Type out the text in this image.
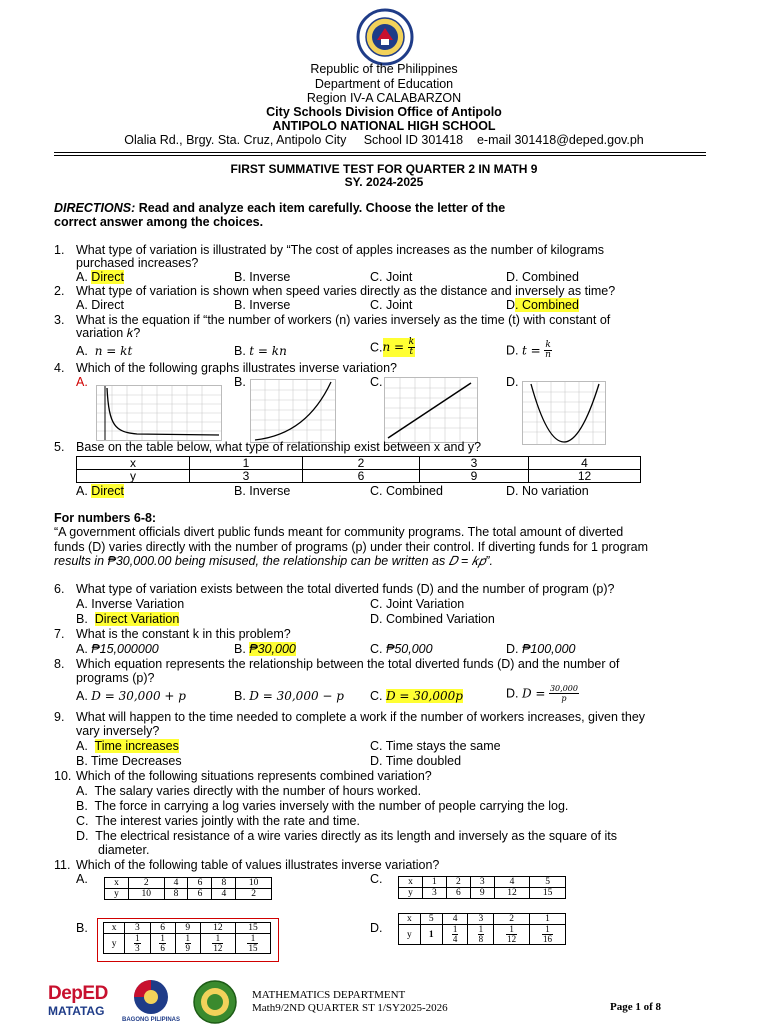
Republic of the Philippines
Department of Education
Region IV-A CALABARZON
City Schools Division Office of Antipolo
ANTIPOLO NATIONAL HIGH SCHOOL
Olalia Rd., Brgy. Sta. Cruz, Antipolo City     School ID 301418    e-mail 301418@deped.gov.ph
FIRST SUMMATIVE TEST FOR QUARTER 2 IN MATH 9
SY. 2024-2025
DIRECTIONS: Read and analyze each item carefully. Choose the letter of the
correct answer among the choices.
1. What type of variation is illustrated by “The cost of apples increases as the number of kilograms
purchased increases?
A. Direct	B. Inverse	C. Joint	D. Combined
2. What type of variation is shown when speed varies directly as the distance and inversely as time?
A. Direct	B. Inverse	C. Joint	D. Combined
3. What is the equation if “the number of workers (n) varies inversely as the time (t) with constant of
variation 𝑘?
A. 𝑛 = 𝑘𝑡	B. 𝑡 = 𝑘𝑛	C.𝑛 = $\frac{\text{𝑘}}{\text{𝑡}}$	D. 𝑡 = $\frac{\text{𝑘}}{\text{𝑛}}$
4. Which of the following graphs illustrates inverse variation?
A.	B.	C.	D.
5. Base on the table below, what type of relationship exist between x and y?
x	1	2	3	4
y	3	6	9	12
A. Direct	B. Inverse	C. Combined	D. No variation
For numbers 6-8:
“A government officials divert public funds meant for community programs. The total amount of diverted
funds (D) varies directly with the number of programs (p) under their control. If diverting funds for 1 program
results in ₱30,000.00 being misused, the relationship can be written as 𝐷 = 𝑘𝑝”.
6. What type of variation exists between the total diverted funds (D) and the number of program (p)?
A. Inverse Variation	C. Joint Variation
B. Direct Variation	D. Combined Variation
7. What is the constant k in this problem?
A. ₱15,000000	B. ₱30,000	C. ₱50,000	D. ₱100,000
8. Which equation represents the relationship between the total diverted funds (D) and the number of
programs (p)?
A. 𝐷 = 30,000 + 𝑝	B. 𝐷 = 30,000 − 𝑝 C. 𝐷 = 30,000𝑝	D. 𝐷 = $\frac{30,000}{\text{𝑝}}$
9. What will happen to the time needed to complete a work if the number of workers increases, given they
vary inversely?
A. Time increases	C. Time stays the same
B. Time Decreases	D. Time doubled
10. Which of the following situations represents combined variation?
A. The salary varies directly with the number of hours worked.
B. The force in carrying a log varies inversely with the number of people carrying the log.
C. The interest varies jointly with the rate and time.
D. The electrical resistance of a wire varies directly as its length and inversely as the square of its
diameter.
11. Which of the following table of values illustrates inverse variation?
A.	x	2	4	6	8	10
y	10	8	6	4	2
C.	x	1	2	3	4	5
y	3	6	9	12	15
B.	x	3	6	9	12	15
y	$\frac{1}{3}$	$\frac{1}{6}$	$\frac{1}{9}$	$\frac{1}{12}$	$\frac{1}{15}$
D.
x	5	4	3	2	1
y	1	$\frac{1}{4}$	$\frac{1}{8}$	$\frac{1}{12}$	$\frac{1}{16}$
DepED
MATATAG
BAGONG PILIPINAS
MATHEMATICS DEPARTMENT
Math9/2ND QUARTER ST 1/SY2025-2026	Page 1 of 8
